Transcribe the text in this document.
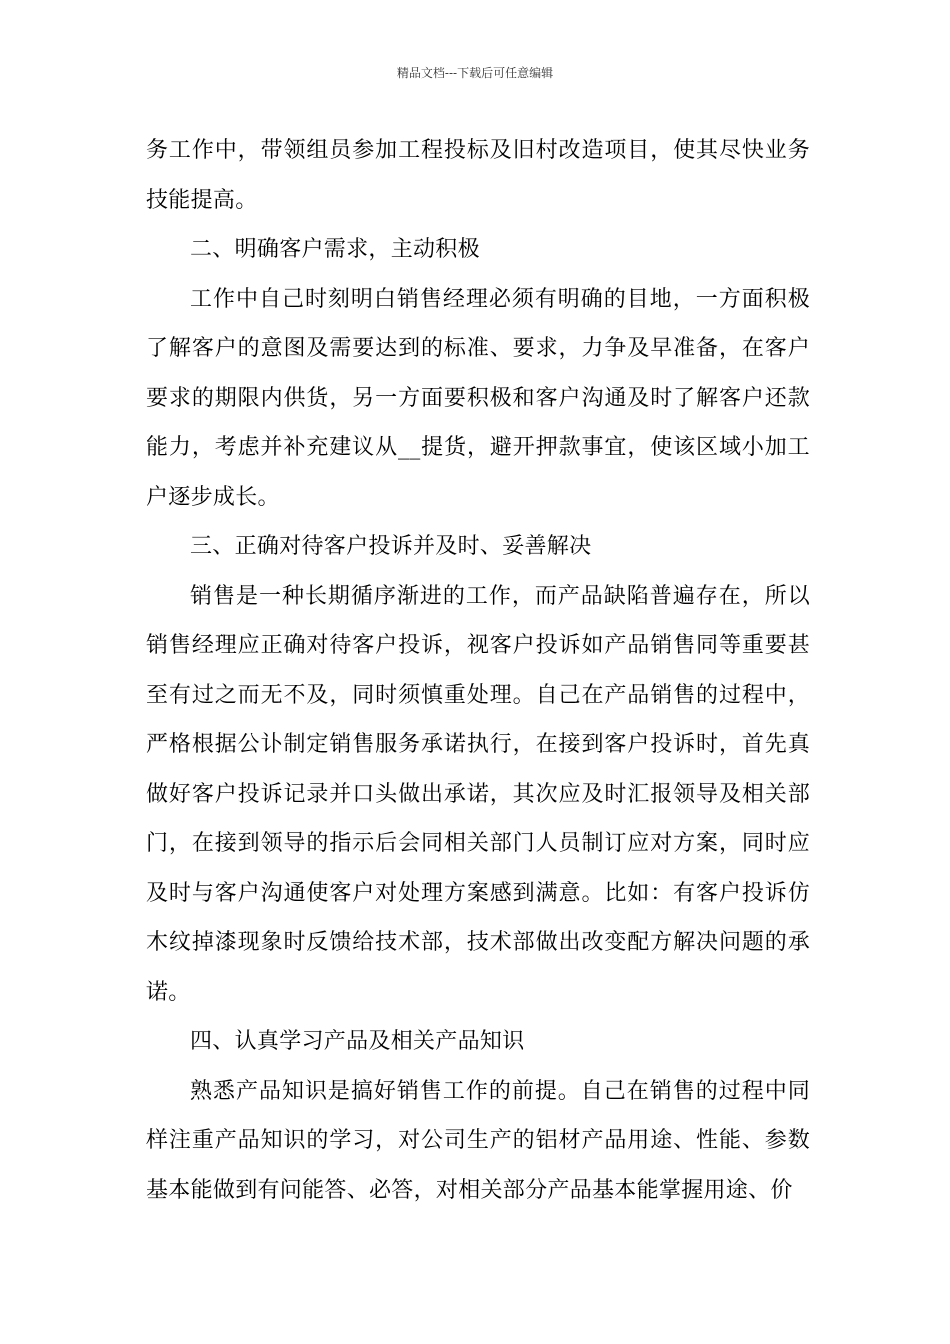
精品文档---下载后可任意编辑

务工作中，带领组员参加工程投标及旧村改造项目，使其尽快业务技能提高。

二、明确客户需求，主动积极

工作中自己时刻明白销售经理必须有明确的目地，一方面积极了解客户的意图及需要达到的标准、要求，力争及早准备，在客户要求的期限内供货，另一方面要积极和客户沟通及时了解客户还款能力，考虑并补充建议从__提货，避开押款事宜，使该区域小加工户逐步成长。

三、正确对待客户投诉并及时、妥善解决

销售是一种长期循序渐进的工作，而产品缺陷普遍存在，所以销售经理应正确对待客户投诉，视客户投诉如产品销售同等重要甚至有过之而无不及，同时须慎重处理。自己在产品销售的过程中，严格根据公讣制定销售服务承诺执行，在接到客户投诉时，首先真做好客户投诉记录并口头做出承诺，其次应及时汇报领导及相关部门，在接到领导的指示后会同相关部门人员制订应对方案，同时应及时与客户沟通使客户对处理方案感到满意。比如：有客户投诉仿木纹掉漆现象时反馈给技术部，技术部做出改变配方解决问题的承诺。

四、认真学习产品及相关产品知识

熟悉产品知识是搞好销售工作的前提。自己在销售的过程中同样注重产品知识的学习，对公司生产的铝材产品用途、性能、参数基本能做到有问能答、必答，对相关部分产品基本能掌握用途、价
